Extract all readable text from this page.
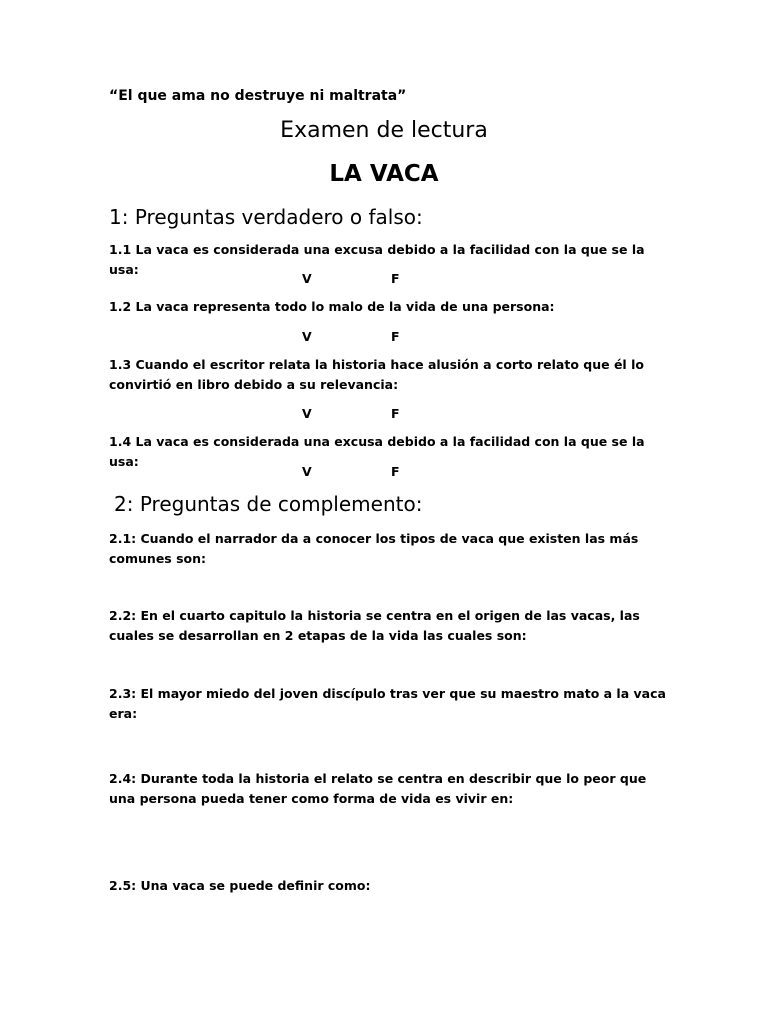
“El que ama no destruye ni maltrata”
Examen de lectura
LA VACA
1: Preguntas verdadero o falso:
1.1 La vaca es considerada una excusa debido a la facilidad con la que se la usa:
V	F
1.2 La vaca representa todo lo malo de la vida de una persona:
V	F
1.3 Cuando el escritor relata la historia hace alusión a corto relato que él lo convirtió en libro debido a su relevancia:
V	F
1.4 La vaca es considerada una excusa debido a la facilidad con la que se la usa:
V	F
2: Preguntas de complemento:
2.1: Cuando el narrador da a conocer los tipos de vaca que existen las más comunes son:
2.2: En el cuarto capitulo la historia se centra en el origen de las vacas, las cuales se desarrollan en 2 etapas de la vida las cuales son:
2.3: El mayor miedo del joven discípulo tras ver que su maestro mato a la vaca era:
2.4: Durante toda la historia el relato se centra en describir que lo peor que una persona pueda tener como forma de vida es vivir en:
2.5: Una vaca se puede definir como:
